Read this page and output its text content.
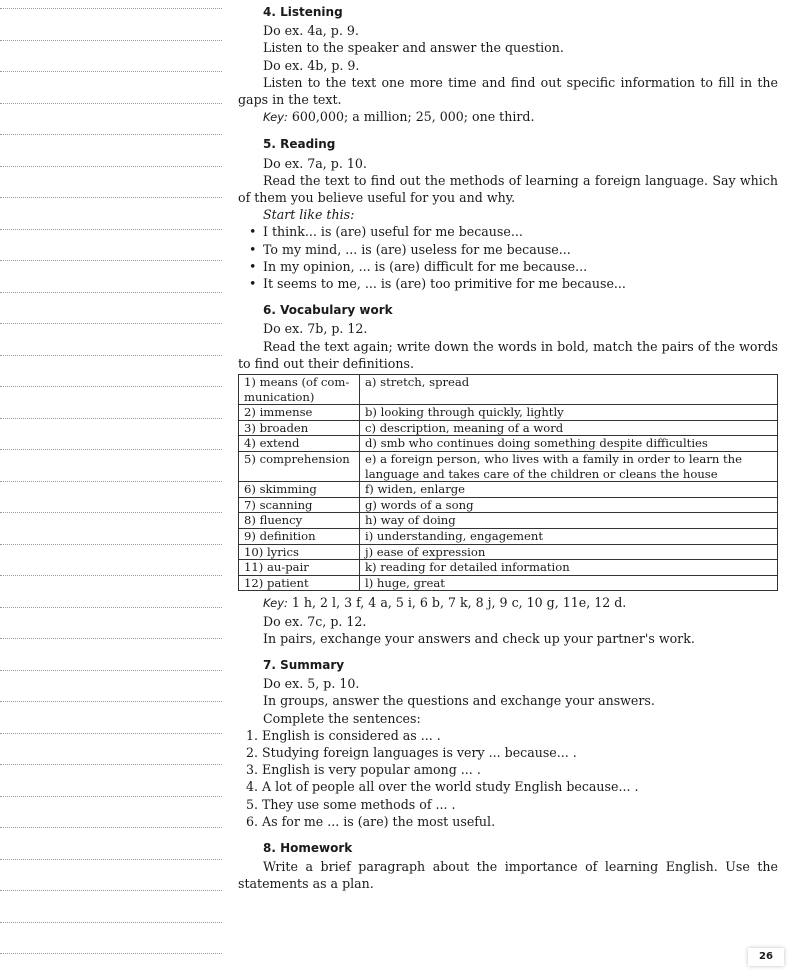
4. Listening
Do ex. 4a, p. 9.
Listen to the speaker and answer the question.
Do ex. 4b, p. 9.
Listen to the text one more time and find out specific information to fill in the gaps in the text.
Key: 600,000; a million; 25, 000; one third.
5. Reading
Do ex. 7a, p. 10.
Read the text to find out the methods of learning a foreign language. Say which of them you believe useful for you and why.
Start like this:
• I think... is (are) useful for me because...
• To my mind, ... is (are) useless for me because...
• In my opinion, ... is (are) difficult for me because...
• It seems to me, ... is (are) too primitive for me because...
6. Vocabulary work
Do ex. 7b, p. 12.
Read the text again; write down the words in bold, match the pairs of the words to find out their definitions.
1) means (of com-munication)	a) stretch, spread
2) immense	b) looking through quickly, lightly
3) broaden	c) description, meaning of a word
4) extend	d) smb who continues doing something despite difficulties
5) comprehension	e) a foreign person, who lives with a family in order to learn the language and takes care of the children or cleans the house
6) skimming	f) widen, enlarge
7) scanning	g) words of a song
8) fluency	h) way of doing
9) definition	i) understanding, engagement
10) lyrics	j) ease of expression
11) au-pair	k) reading for detailed information
12) patient	l) huge, great
Key: 1 h, 2 l, 3 f, 4 a, 5 i, 6 b, 7 k, 8 j, 9 c, 10 g, 11e, 12 d.
Do ex. 7c, p. 12.
In pairs, exchange your answers and check up your partner's work.
7. Summary
Do ex. 5, p. 10.
In groups, answer the questions and exchange your answers.
Complete the sentences:
1. English is considered as ... .
2. Studying foreign languages is very ... because... .
3. English is very popular among ... .
4. A lot of people all over the world study English because... .
5. They use some methods of ... .
6. As for me ... is (are) the most useful.
8. Homework
Write a brief paragraph about the importance of learning English. Use the statements as a plan.
26
